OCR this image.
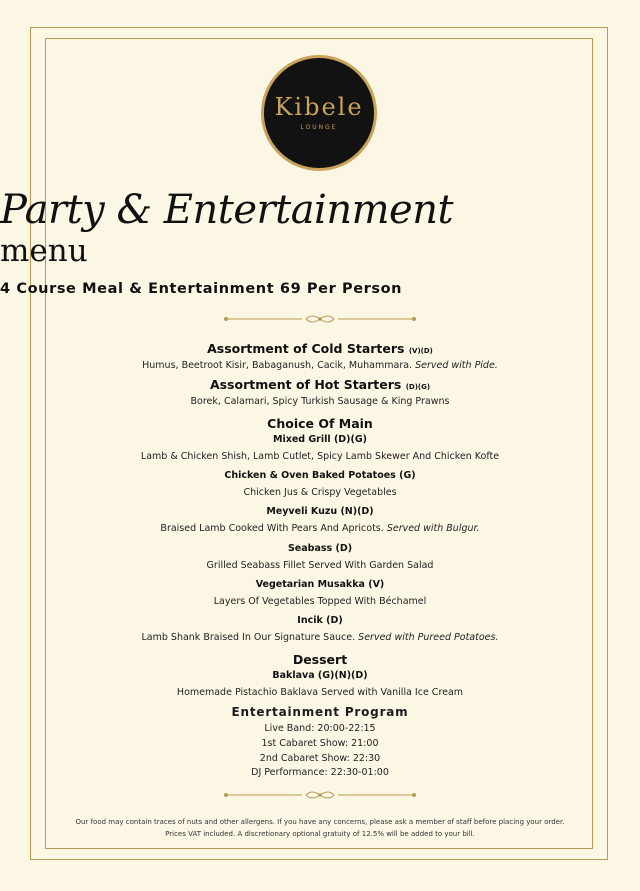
Kibele
LOUNGE
Party & Entertainment
menu
4 Course Meal & Entertainment 69 Per Person
Assortment of Cold Starters (V)(D)
Humus, Beetroot Kisir, Babaganush, Cacik, Muhammara. Served with Pide.
Assortment of Hot Starters (D)(G)
Borek, Calamari, Spicy Turkish Sausage & King Prawns
Choice Of Main
Mixed Grill (D)(G)
Lamb & Chicken Shish, Lamb Cutlet, Spicy Lamb Skewer And Chicken Kofte
Chicken & Oven Baked Potatoes (G)
Chicken Jus & Crispy Vegetables
Meyveli Kuzu (N)(D)
Braised Lamb Cooked With Pears And Apricots. Served with Bulgur.
Seabass (D)
Grilled Seabass Fillet Served With Garden Salad
Vegetarian Musakka (V)
Layers Of Vegetables Topped With Béchamel
Incik (D)
Lamb Shank Braised In Our Signature Sauce. Served with Pureed Potatoes.
Dessert
Baklava (G)(N)(D)
Homemade Pistachio Baklava Served with Vanilla Ice Cream
Entertainment Program
Live Band: 20:00-22:15
1st Cabaret Show: 21:00
2nd Cabaret Show: 22:30
DJ Performance: 22:30-01:00
Our food may contain traces of nuts and other allergens. If you have any concerns, please ask a member of staff before placing your order.
Prices VAT included. A discretionary optional gratuity of 12.5% will be added to your bill.
